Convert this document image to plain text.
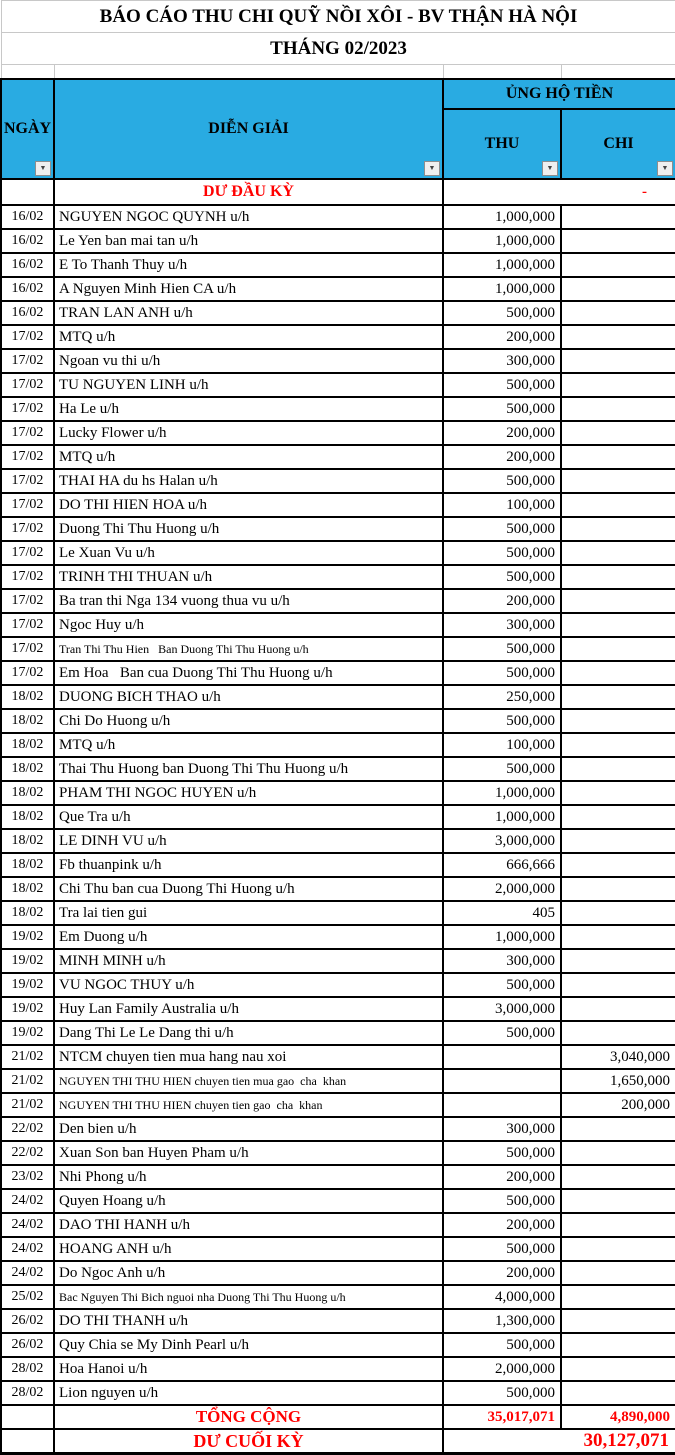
BÁO CÁO THU CHI QUỸ NỒI XÔI - BV THẬN HÀ NỘI			
THÁNG 02/2023			

NGÀY
▼	DIỄN GIẢI
▼	ỦNG HỘ TIỀN	
		THU
▼	CHI
▼

	DƯ ĐẦU KỲ	-	
16/02	NGUYEN NGOC QUYNH u/h	1,000,000	
16/02	Le Yen ban mai tan u/h	1,000,000	
16/02	E To Thanh Thuy u/h	1,000,000	
16/02	A Nguyen Minh Hien CA u/h	1,000,000	
16/02	TRAN LAN ANH u/h	500,000	
17/02	MTQ u/h	200,000	
17/02	Ngoan vu thi u/h	300,000	
17/02	TU NGUYEN LINH u/h	500,000	
17/02	Ha Le u/h	500,000	
17/02	Lucky Flower u/h	200,000	
17/02	MTQ u/h	200,000	
17/02	THAI HA du hs Halan u/h	500,000	
17/02	DO THI HIEN HOA u/h	100,000	
17/02	Duong Thi Thu Huong u/h	500,000	
17/02	Le Xuan Vu u/h	500,000	
17/02	TRINH THI THUAN u/h	500,000	
17/02	Ba tran thi Nga 134 vuong thua vu u/h	200,000	
17/02	Ngoc Huy u/h	300,000	
17/02	Tran Thi Thu Hien   Ban Duong Thi Thu Huong u/h	500,000	
17/02	Em Hoa   Ban cua Duong Thi Thu Huong u/h	500,000	
18/02	DUONG BICH THAO u/h	250,000	
18/02	Chi Do Huong u/h	500,000	
18/02	MTQ u/h	100,000	
18/02	Thai Thu Huong ban Duong Thi Thu Huong u/h	500,000	
18/02	PHAM THI NGOC HUYEN u/h	1,000,000	
18/02	Que Tra u/h	1,000,000	
18/02	LE DINH VU u/h	3,000,000	
18/02	Fb thuanpink u/h	666,666	
18/02	Chi Thu ban cua Duong Thi Huong u/h	2,000,000	
18/02	Tra lai tien gui	405	
19/02	Em Duong u/h	1,000,000	
19/02	MINH MINH u/h	300,000	
19/02	VU NGOC THUY u/h	500,000	
19/02	Huy Lan Family Australia u/h	3,000,000	
19/02	Dang Thi Le Le Dang thi u/h	500,000	
21/02	NTCM chuyen tien mua hang nau xoi		3,040,000
21/02	NGUYEN THI THU HIEN chuyen tien mua gao  cha  khan		1,650,000
21/02	NGUYEN THI THU HIEN chuyen tien gao  cha  khan		200,000
22/02	Den bien u/h	300,000	
22/02	Xuan Son ban Huyen Pham u/h	500,000	
23/02	Nhi Phong u/h	200,000	
24/02	Quyen Hoang u/h	500,000	
24/02	DAO THI HANH u/h	200,000	
24/02	HOANG ANH u/h	500,000	
24/02	Do Ngoc Anh u/h	200,000	
25/02	Bac Nguyen Thi Bich nguoi nha Duong Thi Thu Huong u/h	4,000,000	
26/02	DO THI THANH u/h	1,300,000	
26/02	Quy Chia se My Dinh Pearl u/h	500,000	
28/02	Hoa Hanoi u/h	2,000,000	
28/02	Lion nguyen u/h	500,000	
	TỔNG CỘNG	35,017,071	4,890,000
	DƯ CUỐI KỲ	30,127,071	
